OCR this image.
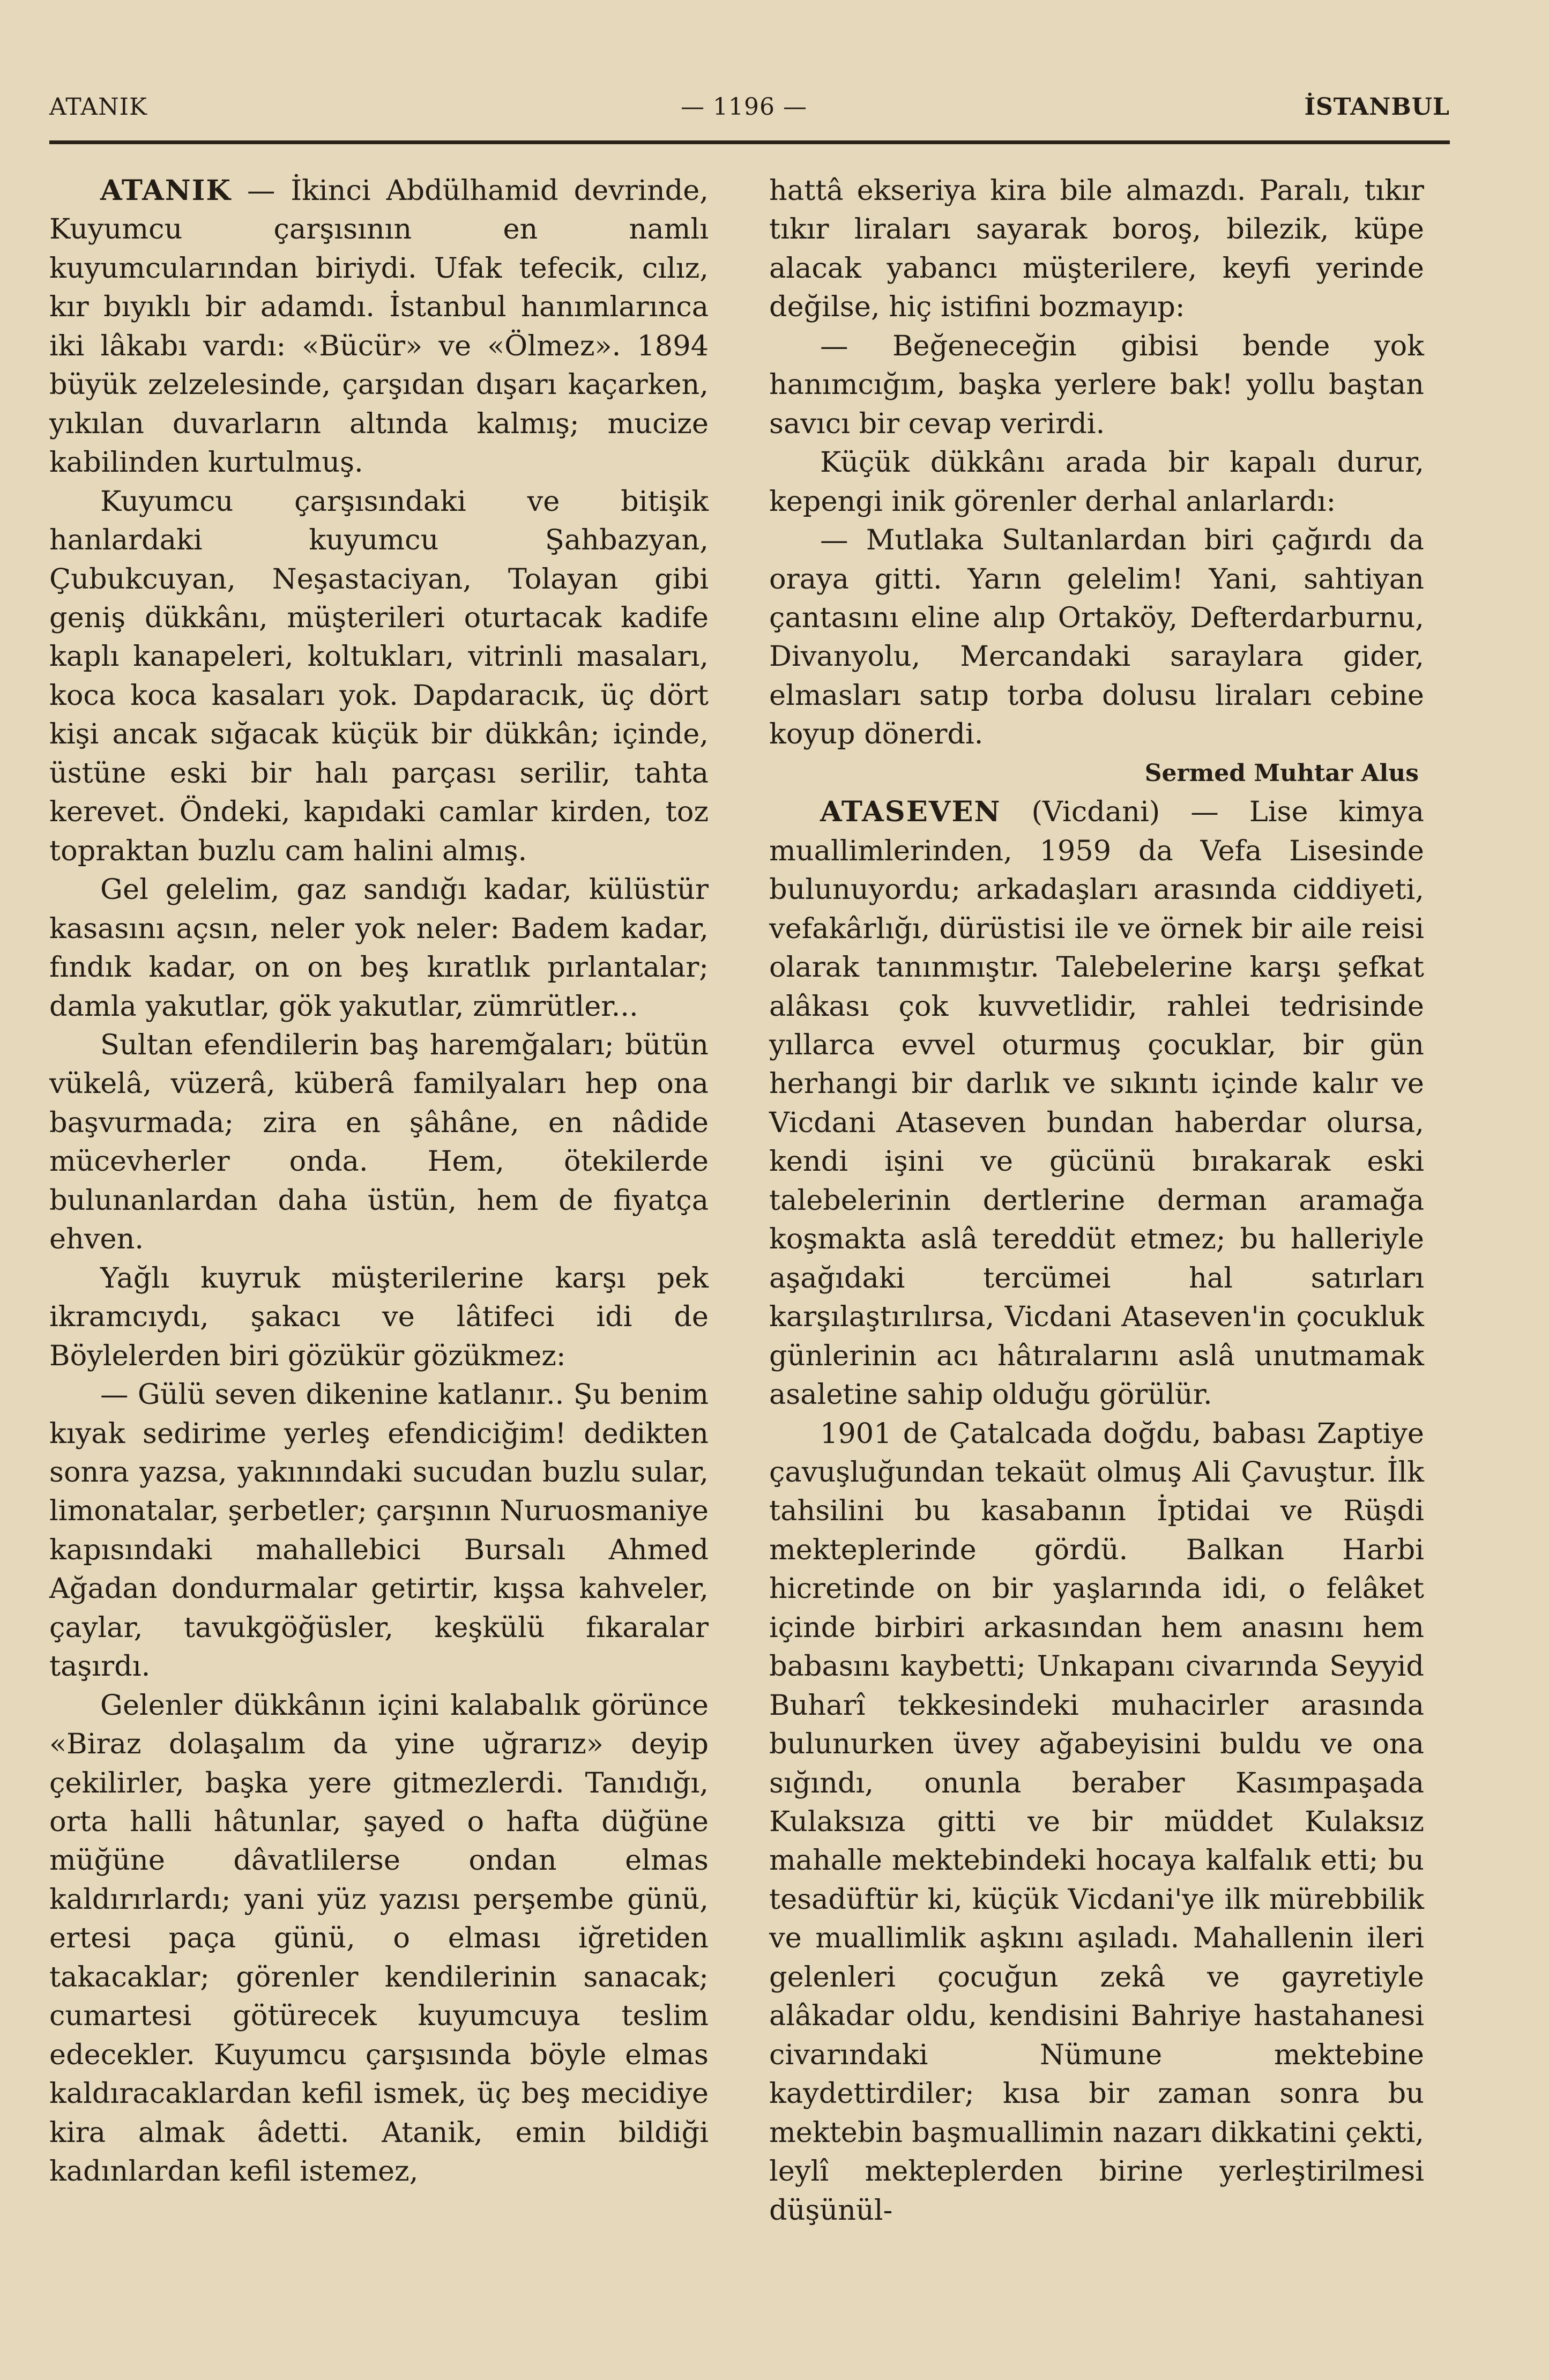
ATANIK	— 1196 —	İSTANBUL

ATANIK — İkinci Abdülhamid devrinde, Kuyumcu çarşısının en namlı kuyumcularından biriydi. Ufak tefecik, cılız, kır bıyıklı bir adamdı. İstanbul hanımlarınca iki lâkabı vardı: «Bücür» ve «Ölmez». 1894 büyük zelzelesinde, çarşıdan dışarı kaçarken, yıkılan duvarların altında kalmış; mucize kabilinden kurtulmuş.

Kuyumcu çarşısındaki ve bitişik hanlardaki kuyumcu Şahbazyan, Çubukcuyan, Neşastaciyan, Tolayan gibi geniş dükkânı, müşterileri oturtacak kadife kaplı kanapeleri, koltukları, vitrinli masaları, koca koca kasaları yok. Dapdaracık, üç dört kişi ancak sığacak küçük bir dükkân; içinde, üstüne eski bir halı parçası serilir, tahta kerevet. Öndeki, kapıdaki camlar kirden, toz topraktan buzlu cam halini almış.

Gel gelelim, gaz sandığı kadar, külüstür kasasını açsın, neler yok neler: Badem kadar, fındık kadar, on on beş kıratlık pırlantalar; damla yakutlar, gök yakutlar, zümrütler...

Sultan efendilerin baş haremğaları; bütün vükelâ, vüzerâ, küberâ familyaları hep ona başvurmada; zira en şâhâne, en nâdide mücevherler onda. Hem, ötekilerde bulunanlardan daha üstün, hem de fiyatça ehven.

Yağlı kuyruk müşterilerine karşı pek ikramcıydı, şakacı ve lâtifeci idi de Böylelerden biri gözükür gözükmez:

— Gülü seven dikenine katlanır.. Şu benim kıyak sedirime yerleş efendiciğim! dedikten sonra yazsa, yakınındaki sucudan buzlu sular, limonatalar, şerbetler; çarşının Nuruosmaniye kapısındaki mahallebici Bursalı Ahmed Ağadan dondurmalar getirtir, kışsa kahveler, çaylar, tavukgöğüsler, keşkülü fıkaralar taşırdı.

Gelenler dükkânın içini kalabalık görünce «Biraz dolaşalım da yine uğrarız» deyip çekilirler, başka yere gitmezlerdi. Tanıdığı, orta halli hâtunlar, şayed o hafta düğüne müğüne dâvatlilerse ondan elmas kaldırırlardı; yani yüz yazısı perşembe günü, ertesi paça günü, o elması iğretiden takacaklar; görenler kendilerinin sanacak; cumartesi götürecek kuyumcuya teslim edecekler. Kuyumcu çarşısında böyle elmas kaldıracaklardan kefil ismek, üç beş mecidiye kira almak âdetti. Atanik, emin bildiği kadınlardan kefil istemez,

hattâ ekseriya kira bile almazdı. Paralı, tıkır tıkır liraları sayarak boroş, bilezik, küpe alacak yabancı müşterilere, keyfi yerinde değilse, hiç istifini bozmayıp:

— Beğeneceğin gibisi bende yok hanımcığım, başka yerlere bak! yollu baştan savıcı bir cevap verirdi.

Küçük dükkânı arada bir kapalı durur, kepengi inik görenler derhal anlarlardı:

— Mutlaka Sultanlardan biri çağırdı da oraya gitti. Yarın gelelim! Yani, sahtiyan çantasını eline alıp Ortaköy, Defterdarburnu, Divanyolu, Mercandaki saraylara gider, elmasları satıp torba dolusu liraları cebine koyup dönerdi.

Sermed Muhtar Alus

ATASEVEN (Vicdani) — Lise kimya muallimlerinden, 1959 da Vefa Lisesinde bulunuyordu; arkadaşları arasında ciddiyeti, vefakârlığı, dürüstisi ile ve örnek bir aile reisi olarak tanınmıştır. Talebelerine karşı şefkat alâkası çok kuvvetlidir, rahlei tedrisinde yıllarca evvel oturmuş çocuklar, bir gün herhangi bir darlık ve sıkıntı içinde kalır ve Vicdani Ataseven bundan haberdar olursa, kendi işini ve gücünü bırakarak eski talebelerinin dertlerine derman aramağa koşmakta aslâ tereddüt etmez; bu halleriyle aşağıdaki tercümei hal satırları karşılaştırılırsa, Vicdani Ataseven'in çocukluk günlerinin acı hâtıralarını aslâ unutmamak asaletine sahip olduğu görülür.

1901 de Çatalcada doğdu, babası Zaptiye çavuşluğundan tekaüt olmuş Ali Çavuştur. İlk tahsilini bu kasabanın İptidai ve Rüşdi mekteplerinde gördü. Balkan Harbi hicretinde on bir yaşlarında idi, o felâket içinde birbiri arkasından hem anasını hem babasını kaybetti; Unkapanı civarında Seyyid Buharî tekkesindeki muhacirler arasında bulunurken üvey ağabeyisini buldu ve ona sığındı, onunla beraber Kasımpaşada Kulaksıza gitti ve bir müddet Kulaksız mahalle mektebindeki hocaya kalfalık etti; bu tesadüftür ki, küçük Vicdani'ye ilk mürebbilik ve muallimlik aşkını aşıladı. Mahallenin ileri gelenleri çocuğun zekâ ve gayretiyle alâkadar oldu, kendisini Bahriye hastahanesi civarındaki Nümune mektebine kaydettirdiler; kısa bir zaman sonra bu mektebin başmuallimin nazarı dikkatini çekti, leylî mekteplerden birine yerleştirilmesi düşünül-
